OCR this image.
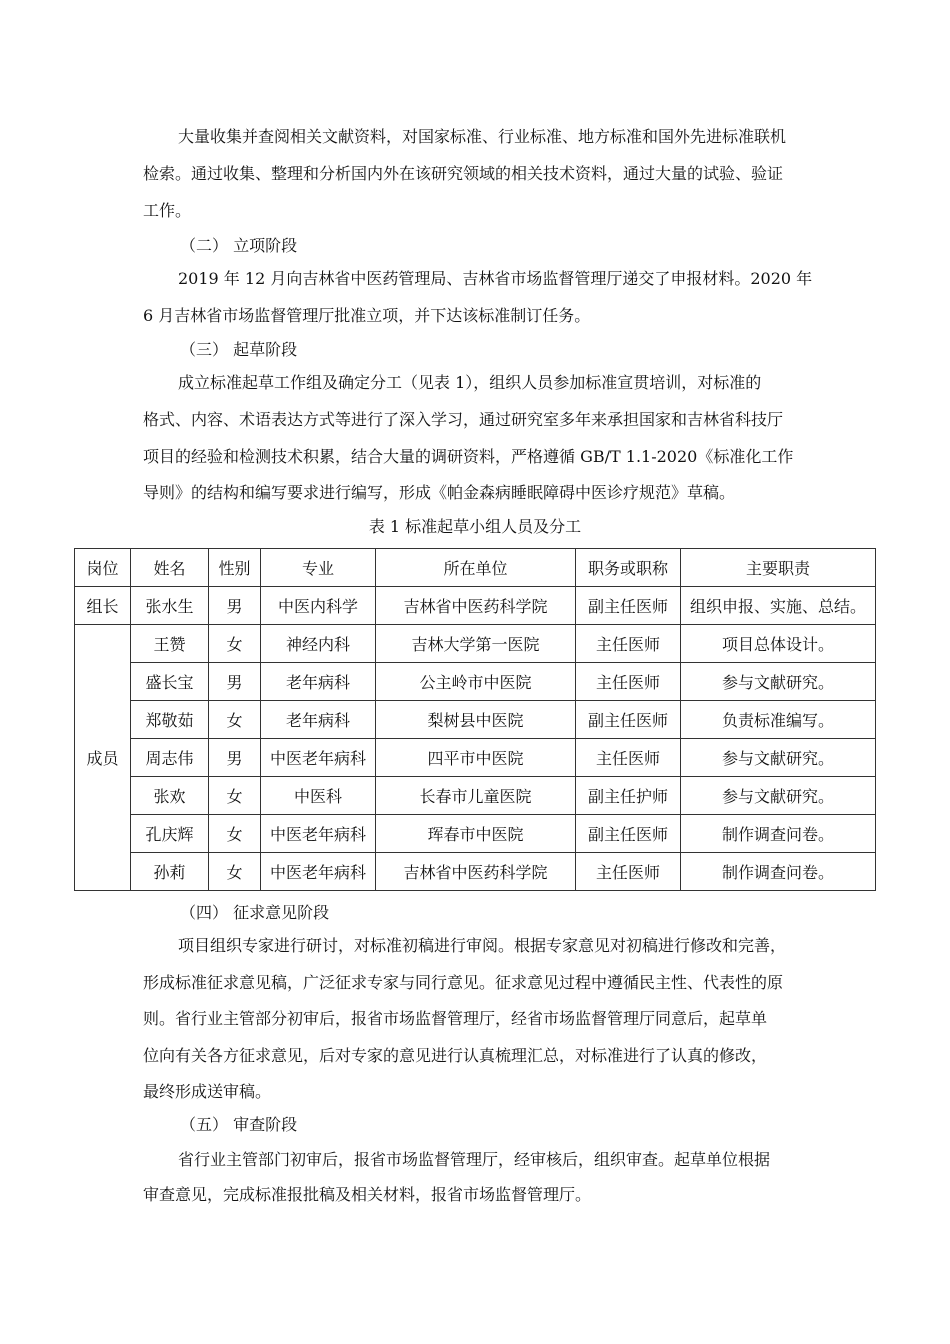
大量收集并查阅相关文献资料，对国家标准、行业标准、地方标准和国外先进标准联机
检索。通过收集、整理和分析国内外在该研究领域的相关技术资料，通过大量的试验、验证
工作。
（二） 立项阶段
2019 年 12 月向吉林省中医药管理局、吉林省市场监督管理厅递交了申报材料。2020 年
6 月吉林省市场监督管理厅批准立项，并下达该标准制订任务。
（三） 起草阶段
成立标准起草工作组及确定分工（见表 1），组织人员参加标准宣贯培训，对标准的
格式、内容、术语表达方式等进行了深入学习，通过研究室多年来承担国家和吉林省科技厅
项目的经验和检测技术积累，结合大量的调研资料，严格遵循 GB/T 1.1-2020《标准化工作
导则》的结构和编写要求进行编写，形成《帕金森病睡眠障碍中医诊疗规范》草稿。
（四） 征求意见阶段
项目组织专家进行研讨，对标准初稿进行审阅。根据专家意见对初稿进行修改和完善，
形成标准征求意见稿，广泛征求专家与同行意见。征求意见过程中遵循民主性、代表性的原
则。省行业主管部分初审后，报省市场监督管理厅，经省市场监督管理厅同意后，起草单
位向有关各方征求意见，后对专家的意见进行认真梳理汇总，对标准进行了认真的修改，
最终形成送审稿。
（五） 审查阶段
省行业主管部门初审后，报省市场监督管理厅，经审核后，组织审查。起草单位根据
审查意见，完成标准报批稿及相关材料，报省市场监督管理厅。
表 1 标准起草小组人员及分工
岗位	姓名	性别	专业	所在单位	职务或职称	主要职责
组长	张水生	男	中医内科学	吉林省中医药科学院	副主任医师	组织申报、实施、总结。
成员	王赞	女	神经内科	吉林大学第一医院	主任医师	项目总体设计。
	盛长宝	男	老年病科	公主岭市中医院	主任医师	参与文献研究。
	郑敬茹	女	老年病科	梨树县中医院	副主任医师	负责标准编写。
	周志伟	男	中医老年病科	四平市中医院	主任医师	参与文献研究。
	张欢	女	中医科	长春市儿童医院	副主任护师	参与文献研究。
	孔庆辉	女	中医老年病科	珲春市中医院	副主任医师	制作调查问卷。
	孙莉	女	中医老年病科	吉林省中医药科学院	主任医师	制作调查问卷。
